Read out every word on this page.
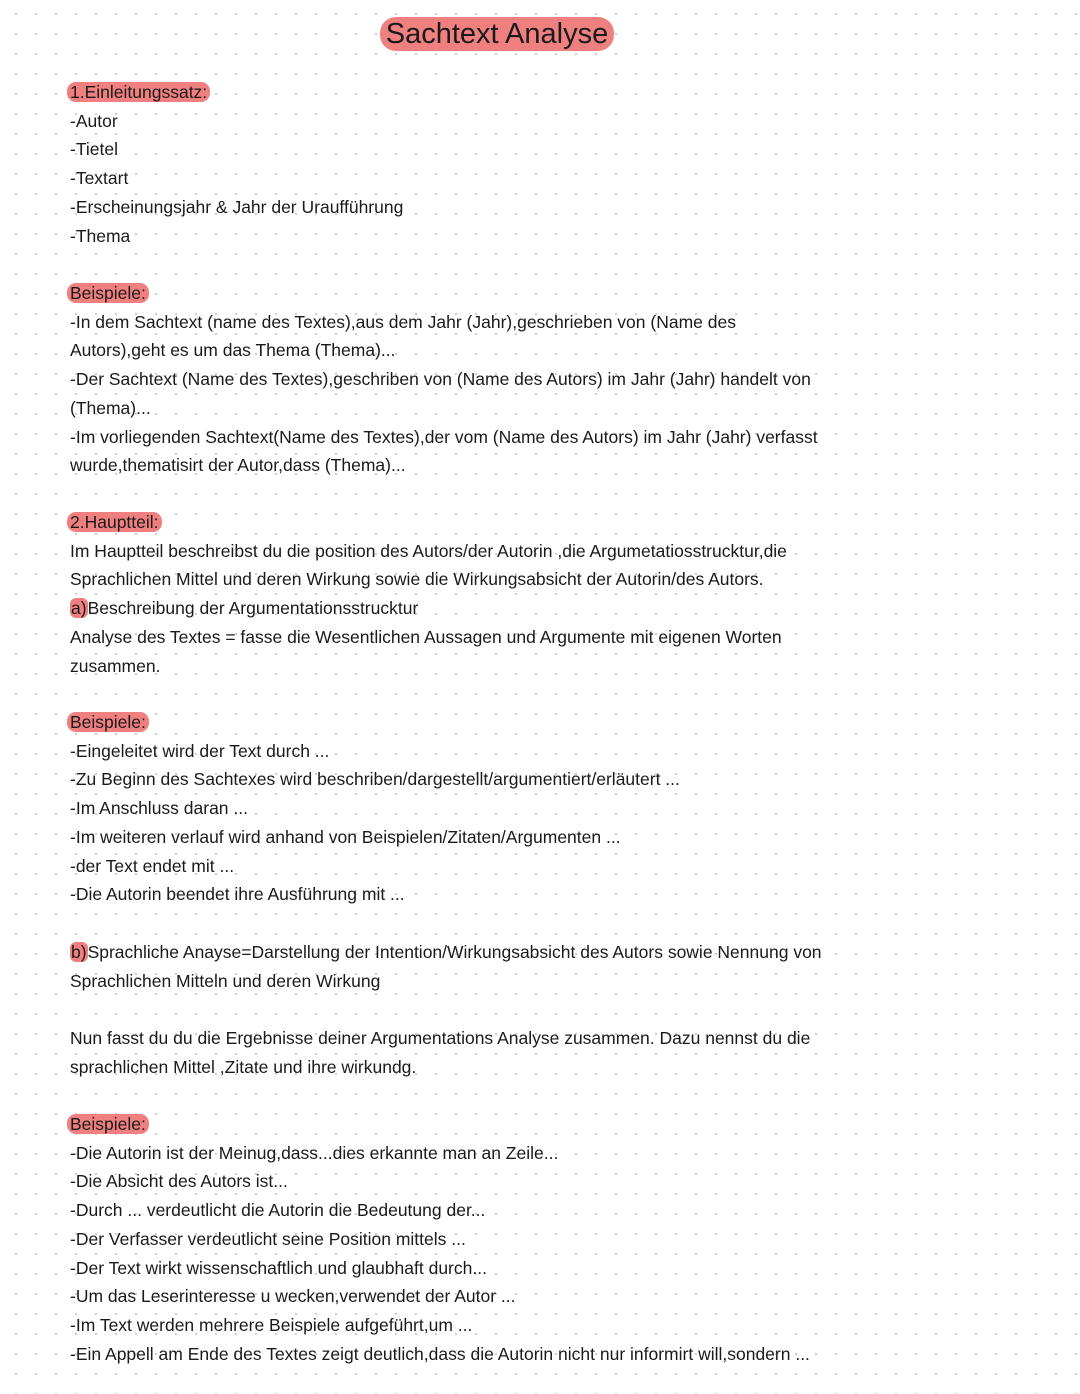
Sachtext Analyse

1.Einleitungssatz:

-Autor

-Tietel

-Textart

-Erscheinungsjahr & Jahr der Uraufführung

-Thema

Beispiele:

-In dem Sachtext (name des Textes),aus dem Jahr (Jahr),geschrieben von (Name des

Autors),geht es um das Thema (Thema)...

-Der Sachtext (Name des Textes),geschriben von (Name des Autors) im Jahr (Jahr) handelt von

(Thema)...

-Im vorliegenden Sachtext(Name des Textes),der vom (Name des Autors) im Jahr (Jahr) verfasst

wurde,thematisirt der Autor,dass (Thema)...

2.Hauptteil:

Im Hauptteil beschreibst du die position des Autors/der Autorin ,die Argumetatiosstrucktur,die

Sprachlichen Mittel und deren Wirkung sowie die Wirkungsabsicht der Autorin/des Autors.

a)Beschreibung der Argumentationsstrucktur

Analyse des Textes = fasse die Wesentlichen Aussagen und Argumente mit eigenen Worten

zusammen.

Beispiele:

-Eingeleitet wird der Text durch ...

-Zu Beginn des Sachtexes wird beschriben/dargestellt/argumentiert/erläutert ...

-Im Anschluss daran ...

-Im weiteren verlauf wird anhand von Beispielen/Zitaten/Argumenten ...

-der Text endet mit ...

-Die Autorin beendet ihre Ausführung mit ...

b)Sprachliche Anayse=Darstellung der Intention/Wirkungsabsicht des Autors sowie Nennung von

Sprachlichen Mitteln und deren Wirkung

Nun fasst du du die Ergebnisse deiner Argumentations Analyse zusammen. Dazu nennst du die

sprachlichen Mittel ,Zitate und ihre wirkundg.

Beispiele:

-Die Autorin ist der Meinug,dass...dies erkannte man an Zeile...

-Die Absicht des Autors ist...

-Durch ... verdeutlicht die Autorin die Bedeutung der...

-Der Verfasser verdeutlicht seine Position mittels ...

-Der Text wirkt wissenschaftlich und glaubhaft durch...

-Um das Leserinteresse u wecken,verwendet der Autor ...

-Im Text werden mehrere Beispiele aufgeführt,um ...

-Ein Appell am Ende des Textes zeigt deutlich,dass die Autorin nicht nur informirt will,sondern ...
